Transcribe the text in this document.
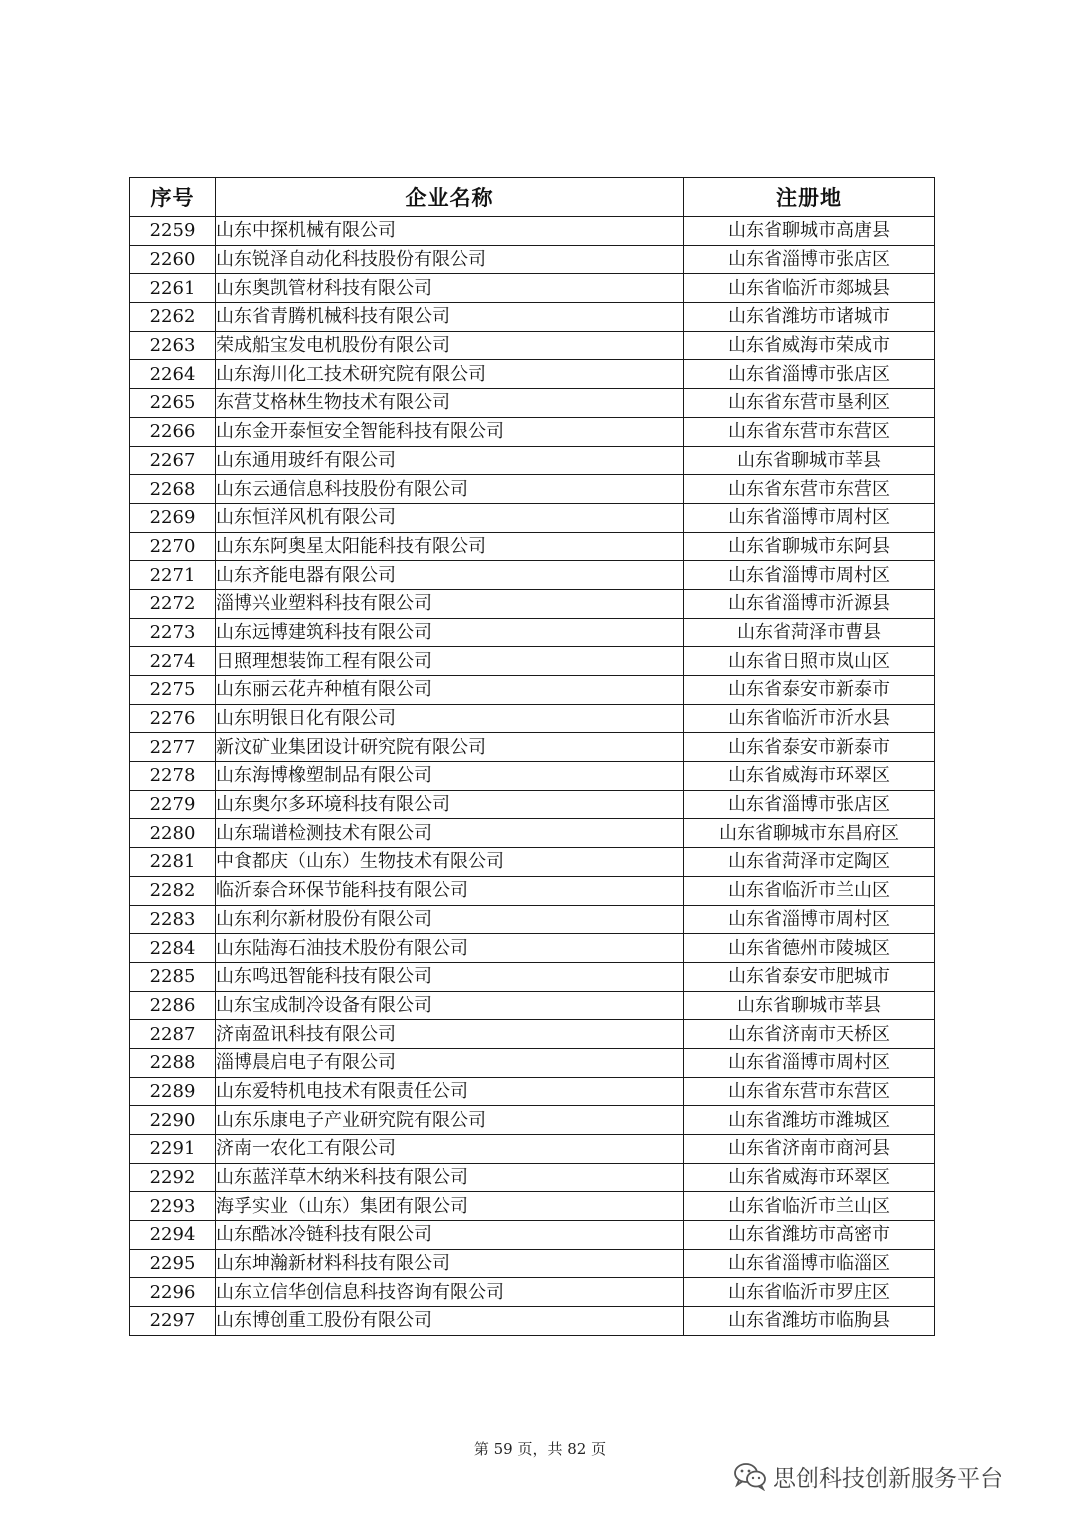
序号	企业名称	注册地
2259	山东中探机械有限公司	山东省聊城市高唐县
2260	山东锐泽自动化科技股份有限公司	山东省淄博市张店区
2261	山东奥凯管材科技有限公司	山东省临沂市郯城县
2262	山东省青腾机械科技有限公司	山东省潍坊市诸城市
2263	荣成船宝发电机股份有限公司	山东省威海市荣成市
2264	山东海川化工技术研究院有限公司	山东省淄博市张店区
2265	东营艾格林生物技术有限公司	山东省东营市垦利区
2266	山东金开泰恒安全智能科技有限公司	山东省东营市东营区
2267	山东通用玻纤有限公司	山东省聊城市莘县
2268	山东云通信息科技股份有限公司	山东省东营市东营区
2269	山东恒洋风机有限公司	山东省淄博市周村区
2270	山东东阿奥星太阳能科技有限公司	山东省聊城市东阿县
2271	山东齐能电器有限公司	山东省淄博市周村区
2272	淄博兴业塑料科技有限公司	山东省淄博市沂源县
2273	山东远博建筑科技有限公司	山东省菏泽市曹县
2274	日照理想装饰工程有限公司	山东省日照市岚山区
2275	山东丽云花卉种植有限公司	山东省泰安市新泰市
2276	山东明银日化有限公司	山东省临沂市沂水县
2277	新汶矿业集团设计研究院有限公司	山东省泰安市新泰市
2278	山东海博橡塑制品有限公司	山东省威海市环翠区
2279	山东奥尔多环境科技有限公司	山东省淄博市张店区
2280	山东瑞谱检测技术有限公司	山东省聊城市东昌府区
2281	中食都庆（山东）生物技术有限公司	山东省菏泽市定陶区
2282	临沂泰合环保节能科技有限公司	山东省临沂市兰山区
2283	山东利尔新材股份有限公司	山东省淄博市周村区
2284	山东陆海石油技术股份有限公司	山东省德州市陵城区
2285	山东鸣迅智能科技有限公司	山东省泰安市肥城市
2286	山东宝成制冷设备有限公司	山东省聊城市莘县
2287	济南盈讯科技有限公司	山东省济南市天桥区
2288	淄博晨启电子有限公司	山东省淄博市周村区
2289	山东爱特机电技术有限责任公司	山东省东营市东营区
2290	山东乐康电子产业研究院有限公司	山东省潍坊市潍城区
2291	济南一农化工有限公司	山东省济南市商河县
2292	山东蓝洋草木纳米科技有限公司	山东省威海市环翠区
2293	海孚实业（山东）集团有限公司	山东省临沂市兰山区
2294	山东酷冰冷链科技有限公司	山东省潍坊市高密市
2295	山东坤瀚新材料科技有限公司	山东省淄博市临淄区
2296	山东立信华创信息科技咨询有限公司	山东省临沂市罗庄区
2297	山东博创重工股份有限公司	山东省潍坊市临朐县
第 59 页，共 82 页
思创科技创新服务平台
